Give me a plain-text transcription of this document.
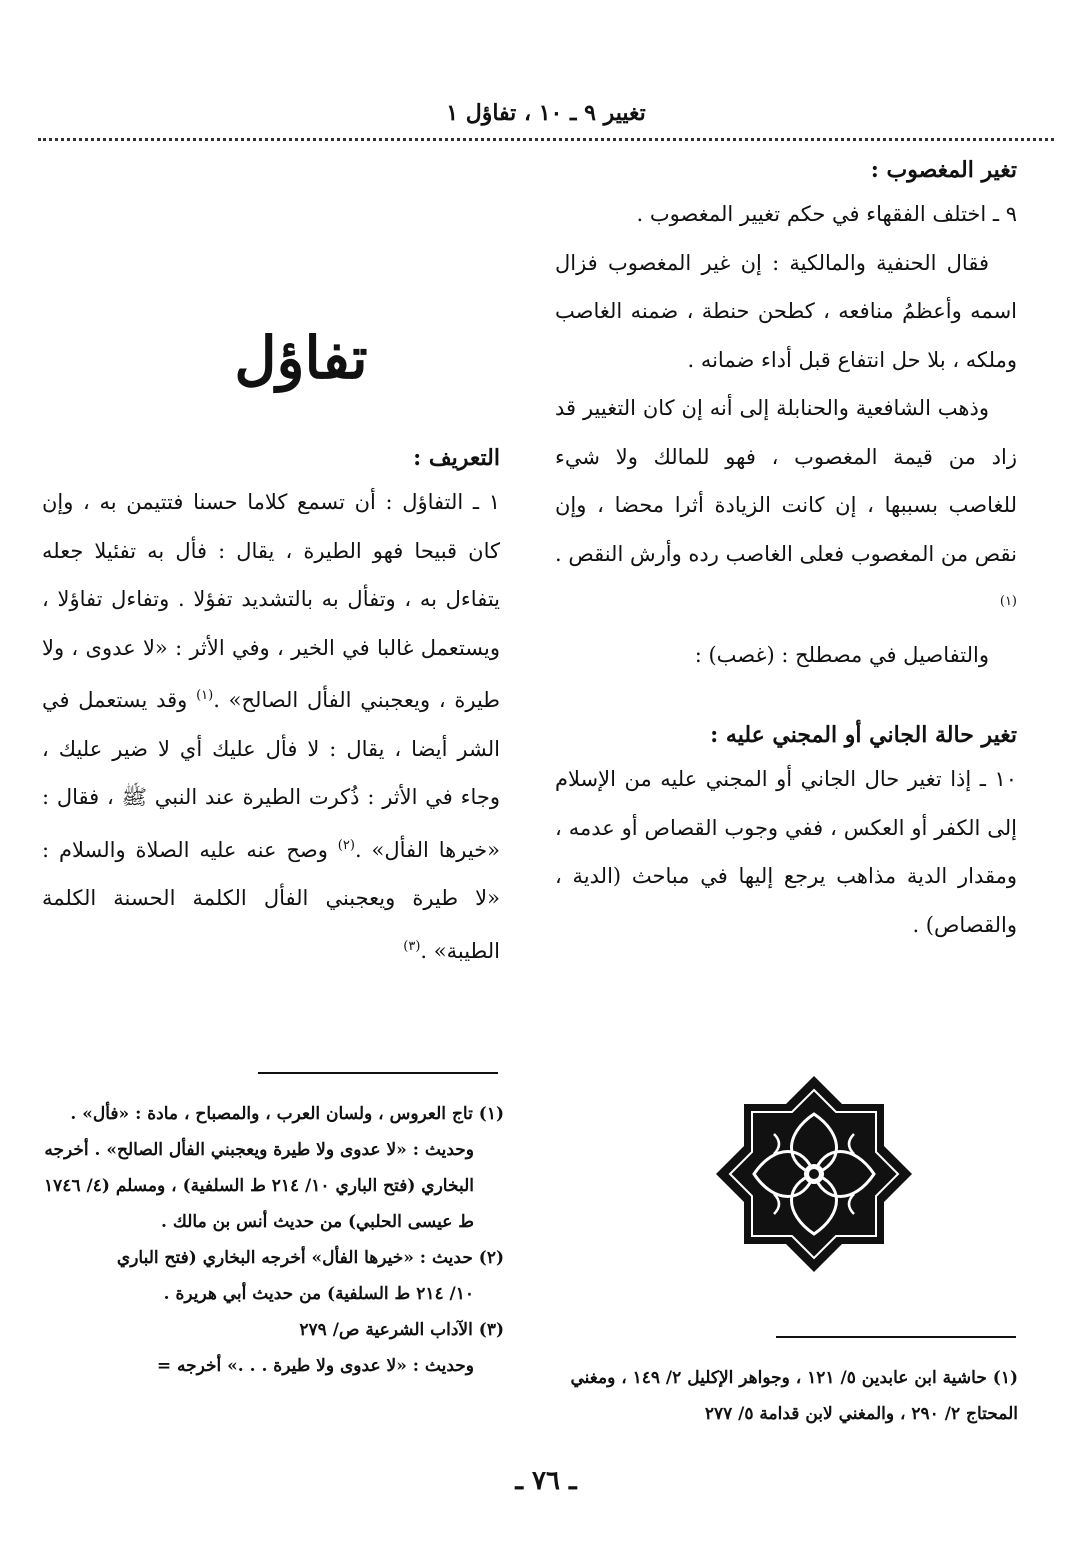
تغيير ٩ ـ ١٠ ، تفاؤل ١

تغير المغصوب :

٩ ـ اختلف الفقهاء في حكم تغيير المغصوب .

فقال الحنفية والمالكية : إن غير المغصوب فزال اسمه وأعظمُ منافعه ، كطحن حنطة ، ضمنه الغاصب وملكه ، بلا حل انتفاع قبل أداء ضمانه .

وذهب الشافعية والحنابلة إلى أنه إن كان التغيير قد زاد من قيمة المغصوب ، فهو للمالك ولا شيء للغاصب بسببها ، إن كانت الزيادة أثرا محضا ، وإن نقص من المغصوب فعلى الغاصب رده وأرش النقص . $^{(١)}$

والتفاصيل في مصطلح : (غصب) :

تغير حالة الجاني أو المجني عليه :

١٠ ـ إذا تغير حال الجاني أو المجني عليه من الإسلام إلى الكفر أو العكس ، ففي وجوب القصاص أو عدمه ، ومقدار الدية مذاهب يرجع إليها في مباحث (الدية ، والقصاص) .

تفاؤل

التعريف :

١ ـ التفاؤل : أن تسمع كلاما حسنا فتتيمن به ، وإن كان قبيحا فهو الطيرة ، يقال : فأل به تفئيلا جعله يتفاءل به ، وتفأل به بالتشديد تفؤلا . وتفاءل تفاؤلا ، ويستعمل غالبا في الخير ، وفي الأثر : «لا عدوى ، ولا طيرة ، ويعجبني الفأل الصالح» .$^{(١)}$ وقد يستعمل في الشر أيضا ، يقال : لا فأل عليك أي لا ضير عليك ، وجاء في الأثر : ذُكرت الطيرة عند النبي ﷺ ، فقال : «خيرها الفأل» .$^{(٢)}$ وصح عنه عليه الصلاة والسلام : «لا طيرة ويعجبني الفأل الكلمة الحسنة الكلمة الطيبة» .$^{(٣)}$

(١) تاج العروس ، ولسان العرب ، والمصباح ، مادة : «فأل» .

وحديث : «لا عدوى ولا طيرة ويعجبني الفأل الصالح» . أخرجه البخاري (فتح الباري ١٠/ ٢١٤ ط السلفية) ، ومسلم (٤/ ١٧٤٦ ط عيسى الحلبي) من حديث أنس بن مالك .

(٢) حديث : «خيرها الفأل» أخرجه البخاري (فتح الباري

١٠/ ٢١٤ ط السلفية) من حديث أبي هريرة .

(٣) الآداب الشرعية ص/ ٢٧٩

وحديث : «لا عدوى ولا طيرة . . .» أخرجه =

(١) حاشية ابن عابدين ٥/ ١٢١ ، وجواهر الإكليل ٢/ ١٤٩ ، ومغني المحتاج ٢/ ٢٩٠ ، والمغني لابن قدامة ٥/ ٢٧٧

ـ ٧٦ ـ
